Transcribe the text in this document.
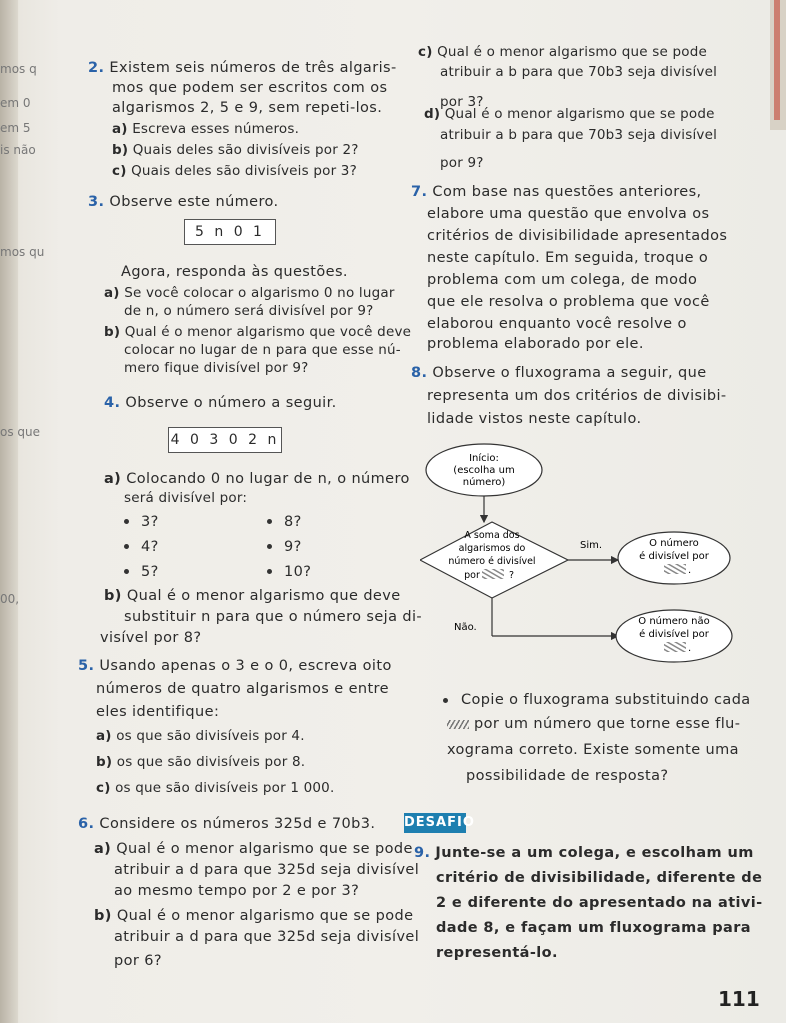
mos q
em 0
em 5
is não
mos qu
os que
00,
2. Existem seis números de três algaris-
mos que podem ser escritos com os
algarismos 2, 5 e 9, sem repeti-los.
a) Escreva esses números.
b) Quais deles são divisíveis por 2?
c) Quais deles são divisíveis por 3?
3. Observe este número.
5 n 0 1
Agora, responda às questões.
a) Se você colocar o algarismo 0 no lugar
de n, o número será divisível por 9?
b) Qual é o menor algarismo que você deve
colocar no lugar de n para que esse nú-
mero fique divisível por 9?
4. Observe o número a seguir.
4 0 3 0 2 n
a) Colocando 0 no lugar de n, o número
será divisível por:
3?	8?
4?	9?
5?	10?
b) Qual é o menor algarismo que deve
substituir n para que o número seja di-
visível por 8?
5. Usando apenas o 3 e o 0, escreva oito
números de quatro algarismos e entre
eles identifique:
a) os que são divisíveis por 4.
b) os que são divisíveis por 8.
c) os que são divisíveis por 1 000.
6. Considere os números 325d e 70b3.
a) Qual é o menor algarismo que se pode
atribuir a d para que 325d seja divisível
ao mesmo tempo por 2 e por 3?
b) Qual é o menor algarismo que se pode
atribuir a d para que 325d seja divisível
por 6?
c) Qual é o menor algarismo que se pode
atribuir a b para que 70b3 seja divisível
por 3?
d) Qual é o menor algarismo que se pode
atribuir a b para que 70b3 seja divisível
por 9?
7. Com base nas questões anteriores,
elabore uma questão que envolva os
critérios de divisibilidade apresentados
neste capítulo. Em seguida, troque o
problema com um colega, de modo
que ele resolva o problema que você
elaborou enquanto você resolve o
problema elaborado por ele.
8. Observe o fluxograma a seguir, que
representa um dos critérios de divisibi-
lidade vistos neste capítulo.
Início:
(escolha um
número)
A soma dos
algarismos do
número é divisível
por	?
Sim.	O número
é divisível por
.
Não.
O número não
é divisível por
.
Copie o fluxograma substituindo cada
por um número que torne esse flu-
xograma correto. Existe somente uma
possibilidade de resposta?
DESAFIO
9. Junte-se a um colega, e escolham um
critério de divisibilidade, diferente de
2 e diferente do apresentado na ativi-
dade 8, e façam um fluxograma para
representá-lo.
111
